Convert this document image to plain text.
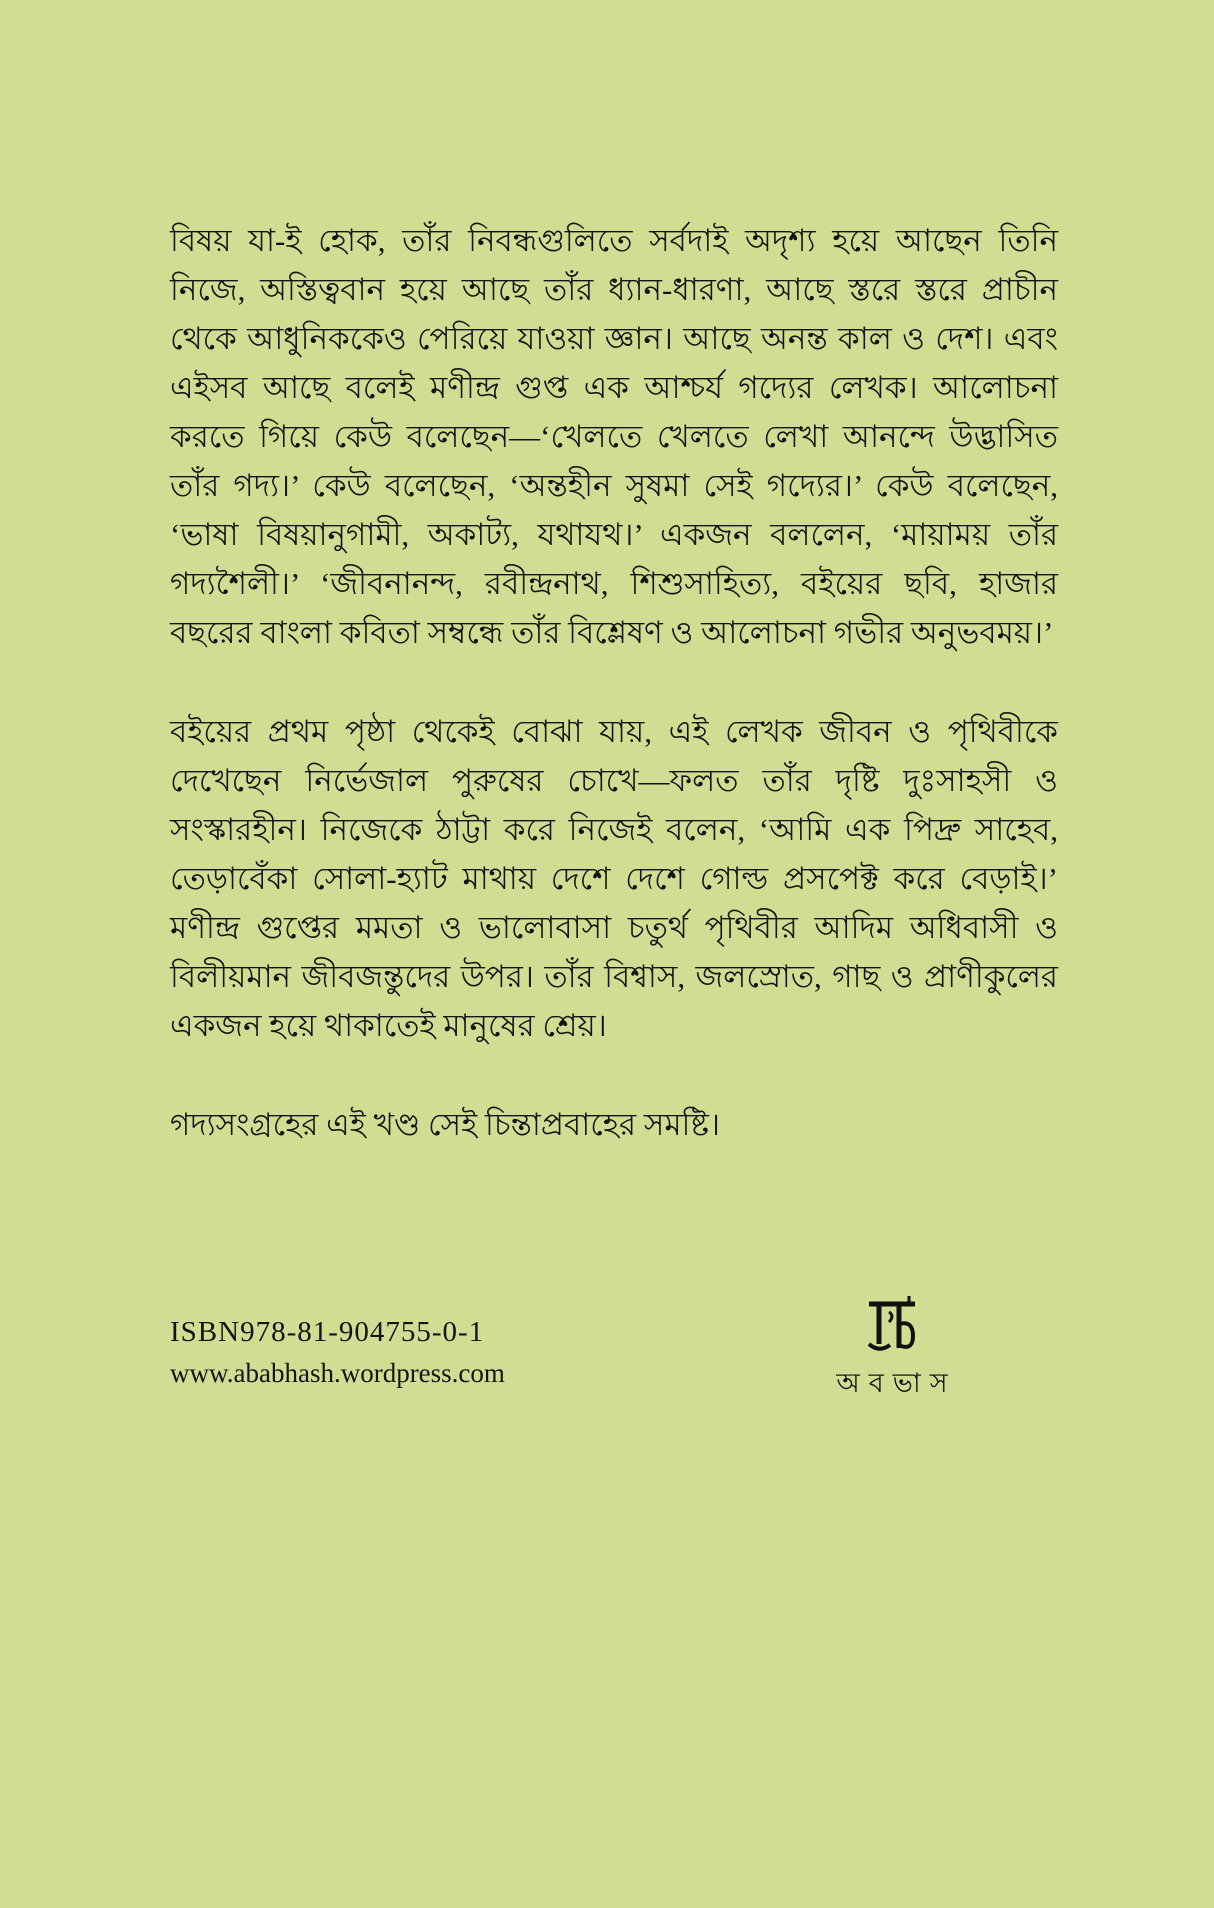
বিষয় যা-ই হোক, তাঁর নিবন্ধগুলিতে সর্বদাই অদৃশ্য হয়ে আছেন তিনি নিজে, অস্তিত্ববান হয়ে আছে তাঁর ধ্যান-ধারণা, আছে স্তরে স্তরে প্রাচীন থেকে আধুনিককেও পেরিয়ে যাওয়া জ্ঞান। আছে অনন্ত কাল ও দেশ। এবং এইসব আছে বলেই মণীন্দ্র গুপ্ত এক আশ্চর্য গদ্যের লেখক। আলোচনা করতে গিয়ে কেউ বলেছেন—‘খেলতে খেলতে লেখা আনন্দে উদ্ভাসিত তাঁর গদ্য।’ কেউ বলেছেন, ‘অন্তহীন সুষমা সেই গদ্যের।’ কেউ বলেছেন, ‘ভাষা বিষয়ানুগামী, অকাট্য, যথাযথ।’ একজন বললেন, ‘মায়াময় তাঁর গদ্যশৈলী।’ ‘জীবনানন্দ, রবীন্দ্রনাথ, শিশুসাহিত্য, বইয়ের ছবি, হাজার বছরের বাংলা কবিতা সম্বন্ধে তাঁর বিশ্লেষণ ও আলোচনা গভীর অনুভবময়।’

বইয়ের প্রথম পৃষ্ঠা থেকেই বোঝা যায়, এই লেখক জীবন ও পৃথিবীকে দেখেছেন নির্ভেজাল পুরুষের চোখে—ফলত তাঁর দৃষ্টি দুঃসাহসী ও সংস্কারহীন। নিজেকে ঠাট্টা করে নিজেই বলেন, ‘আমি এক পিদ্রু সাহেব, তেড়াবেঁকা সোলা-হ্যাট মাথায় দেশে দেশে গোল্ড প্রসপেক্ট করে বেড়াই।’ মণীন্দ্র গুপ্তের মমতা ও ভালোবাসা চতুর্থ পৃথিবীর আদিম অধিবাসী ও বিলীয়মান জীবজন্তুদের উপর। তাঁর বিশ্বাস, জলস্রোত, গাছ ও প্রাণীকুলের একজন হয়ে থাকাতেই মানুষের শ্রেয়।

গদ্যসংগ্রহের এই খণ্ড সেই চিন্তাপ্রবাহের সমষ্টি।

ISBN978-81-904755-0-1
www.ababhash.wordpress.com	অবভাস
